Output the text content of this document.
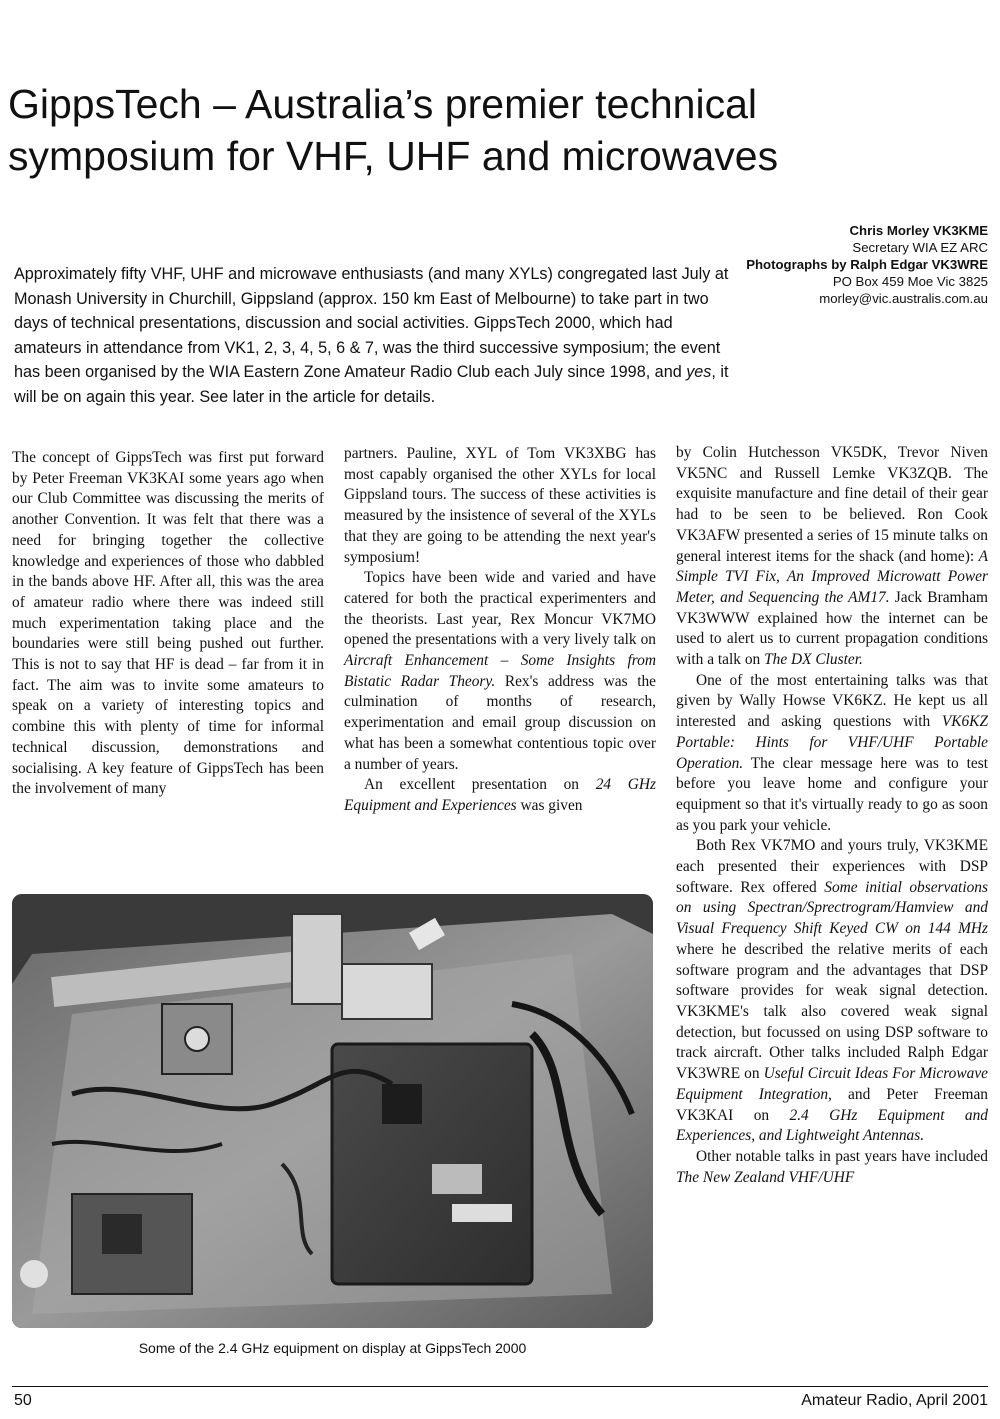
GippsTech – Australia’s premier technical symposium for VHF, UHF and microwaves
Chris Morley VK3KME
Secretary WIA EZ ARC
Photographs by Ralph Edgar VK3WRE
PO Box 459 Moe Vic 3825
morley@vic.australis.com.au

Approximately fifty VHF, UHF and microwave enthusiasts (and many XYLs) congregated last July at Monash University in Churchill, Gippsland (approx. 150 km East of Melbourne) to take part in two days of technical presentations, discussion and social activities. GippsTech 2000, which had amateurs in attendance from VK1, 2, 3, 4, 5, 6 & 7, was the third successive symposium; the event has been organised by the WIA Eastern Zone Amateur Radio Club each July since 1998, and yes, it will be on again this year. See later in the article for details.

The concept of GippsTech was first put forward by Peter Freeman VK3KAI some years ago when our Club Committee was discussing the merits of another Convention. It was felt that there was a need for bringing together the collective knowledge and experiences of those who dabbled in the bands above HF. After all, this was the area of amateur radio where there was indeed still much experimentation taking place and the boundaries were still being pushed out further. This is not to say that HF is dead – far from it in fact. The aim was to invite some amateurs to speak on a variety of interesting topics and combine this with plenty of time for informal technical discussion, demonstrations and socialising. A key feature of GippsTech has been the involvement of many

partners. Pauline, XYL of Tom VK3XBG has most capably organised the other XYLs for local Gippsland tours. The success of these activities is measured by the insistence of several of the XYLs that they are going to be attending the next year's symposium!

Topics have been wide and varied and have catered for both the practical experimenters and the theorists. Last year, Rex Moncur VK7MO opened the presentations with a very lively talk on Aircraft Enhancement – Some Insights from Bistatic Radar Theory. Rex's address was the culmination of months of research, experimentation and email group discussion on what has been a somewhat contentious topic over a number of years.

An excellent presentation on 24 GHz Equipment and Experiences was given

by Colin Hutchesson VK5DK, Trevor Niven VK5NC and Russell Lemke VK3ZQB. The exquisite manufacture and fine detail of their gear had to be seen to be believed. Ron Cook VK3AFW presented a series of 15 minute talks on general interest items for the shack (and home): A Simple TVI Fix, An Improved Microwatt Power Meter, and Sequencing the AM17. Jack Bramham VK3WWW explained how the internet can be used to alert us to current propagation conditions with a talk on The DX Cluster.

One of the most entertaining talks was that given by Wally Howse VK6KZ. He kept us all interested and asking questions with VK6KZ Portable: Hints for VHF/UHF Portable Operation. The clear message here was to test before you leave home and configure your equipment so that it's virtually ready to go as soon as you park your vehicle.

Both Rex VK7MO and yours truly, VK3KME each presented their experiences with DSP software. Rex offered Some initial observations on using Spectran/Sprectrogram/Hamview and Visual Frequency Shift Keyed CW on 144 MHz where he described the relative merits of each software program and the advantages that DSP software provides for weak signal detection. VK3KME's talk also covered weak signal detection, but focussed on using DSP software to track aircraft. Other talks included Ralph Edgar VK3WRE on Useful Circuit Ideas For Microwave Equipment Integration, and Peter Freeman VK3KAI on 2.4 GHz Equipment and Experiences, and Lightweight Antennas.

Other notable talks in past years have included The New Zealand VHF/UHF

Some of the 2.4 GHz equipment on display at GippsTech 2000
50	Amateur Radio, April 2001
